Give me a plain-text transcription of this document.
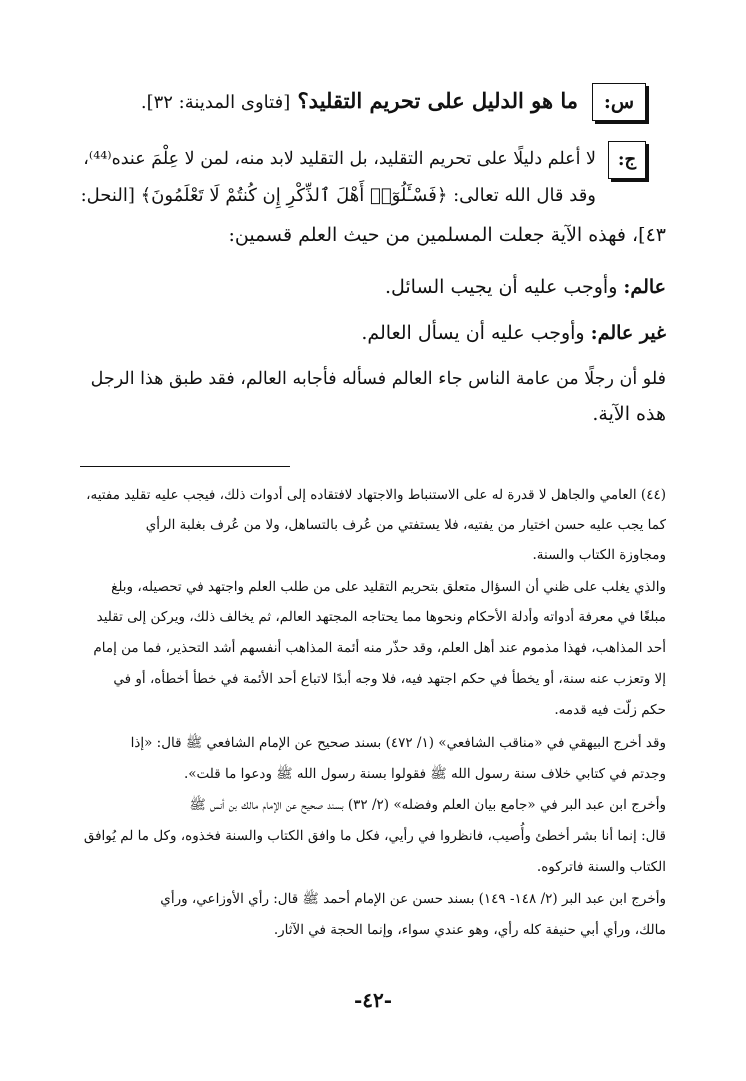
س:
ما هو الدليل على تحريم التقليد؟ [فتاوى المدينة: ٣٢].
ج:
لا أعلم دليلًا على تحريم التقليد، بل التقليد لابد منه، لمن لا عِلْمَ عنده⁽⁴⁴⁾،
وقد قال الله تعالى: ﴿فَسْـَٔلُوٓا۟ أَهْلَ ٱلذِّكْرِ إِن كُنتُمْ لَا تَعْلَمُونَ﴾ [النحل:
٤٣]، فهذه الآية جعلت المسلمين من حيث العلم قسمين:
عالم: وأوجب عليه أن يجيب السائل.
غير عالم: وأوجب عليه أن يسأل العالم.
فلو أن رجلًا من عامة الناس جاء العالم فسأله فأجابه العالم، فقد طبق هذا الرجل
هذه الآية.
(٤٤) العامي والجاهل لا قدرة له على الاستنباط والاجتهاد لافتقاده إلى أدوات ذلك، فيجب عليه تقليد مفتيه،
كما يجب عليه حسن اختيار من يفتيه، فلا يستفتي من عُرف بالتساهل، ولا من عُرف بغلبة الرأي
ومجاوزة الكتاب والسنة.
والذي يغلب على ظني أن السؤال متعلق بتحريم التقليد على من طلب العلم واجتهد في تحصيله، وبلغ
مبلغًا في معرفة أدواته وأدلة الأحكام ونحوها مما يحتاجه المجتهد العالم، ثم يخالف ذلك، ويركن إلى تقليد
أحد المذاهب، فهذا مذموم عند أهل العلم، وقد حذّر منه أئمة المذاهب أنفسهم أشد التحذير، فما من إمام
إلا وتعزب عنه سنة، أو يخطأ في حكم اجتهد فيه، فلا وجه أبدًا لاتباع أحد الأئمة في خطأ أخطأه، أو في
حكم زلّت فيه قدمه.
وقد أخرج البيهقي في «مناقب الشافعي» (١/ ٤٧٢) بسند صحيح عن الإمام الشافعي ﷺ قال: «إذا
وجدتم في كتابي خلاف سنة رسول الله ﷺ فقولوا بسنة رسول الله ﷺ ودعوا ما قلت».
وأخرج ابن عبد البر في «جامع بيان العلم وفضله» (٢/ ٣٢) بسند صحيح عن الإمام مالك بن أنس ﷺ
قال: إنما أنا بشر أخطئ وأُصيب، فانظروا في رأيي، فكل ما وافق الكتاب والسنة فخذوه، وكل ما لم يُوافق
الكتاب والسنة فاتركوه.
وأخرج ابن عبد البر (٢/ ١٤٨- ١٤٩) بسند حسن عن الإمام أحمد ﷺ قال: رأي الأوزاعي، ورأي
مالك، ورأي أبي حنيفة كله رأي، وهو عندي سواء، وإنما الحجة في الآثار.
-٤٢-
